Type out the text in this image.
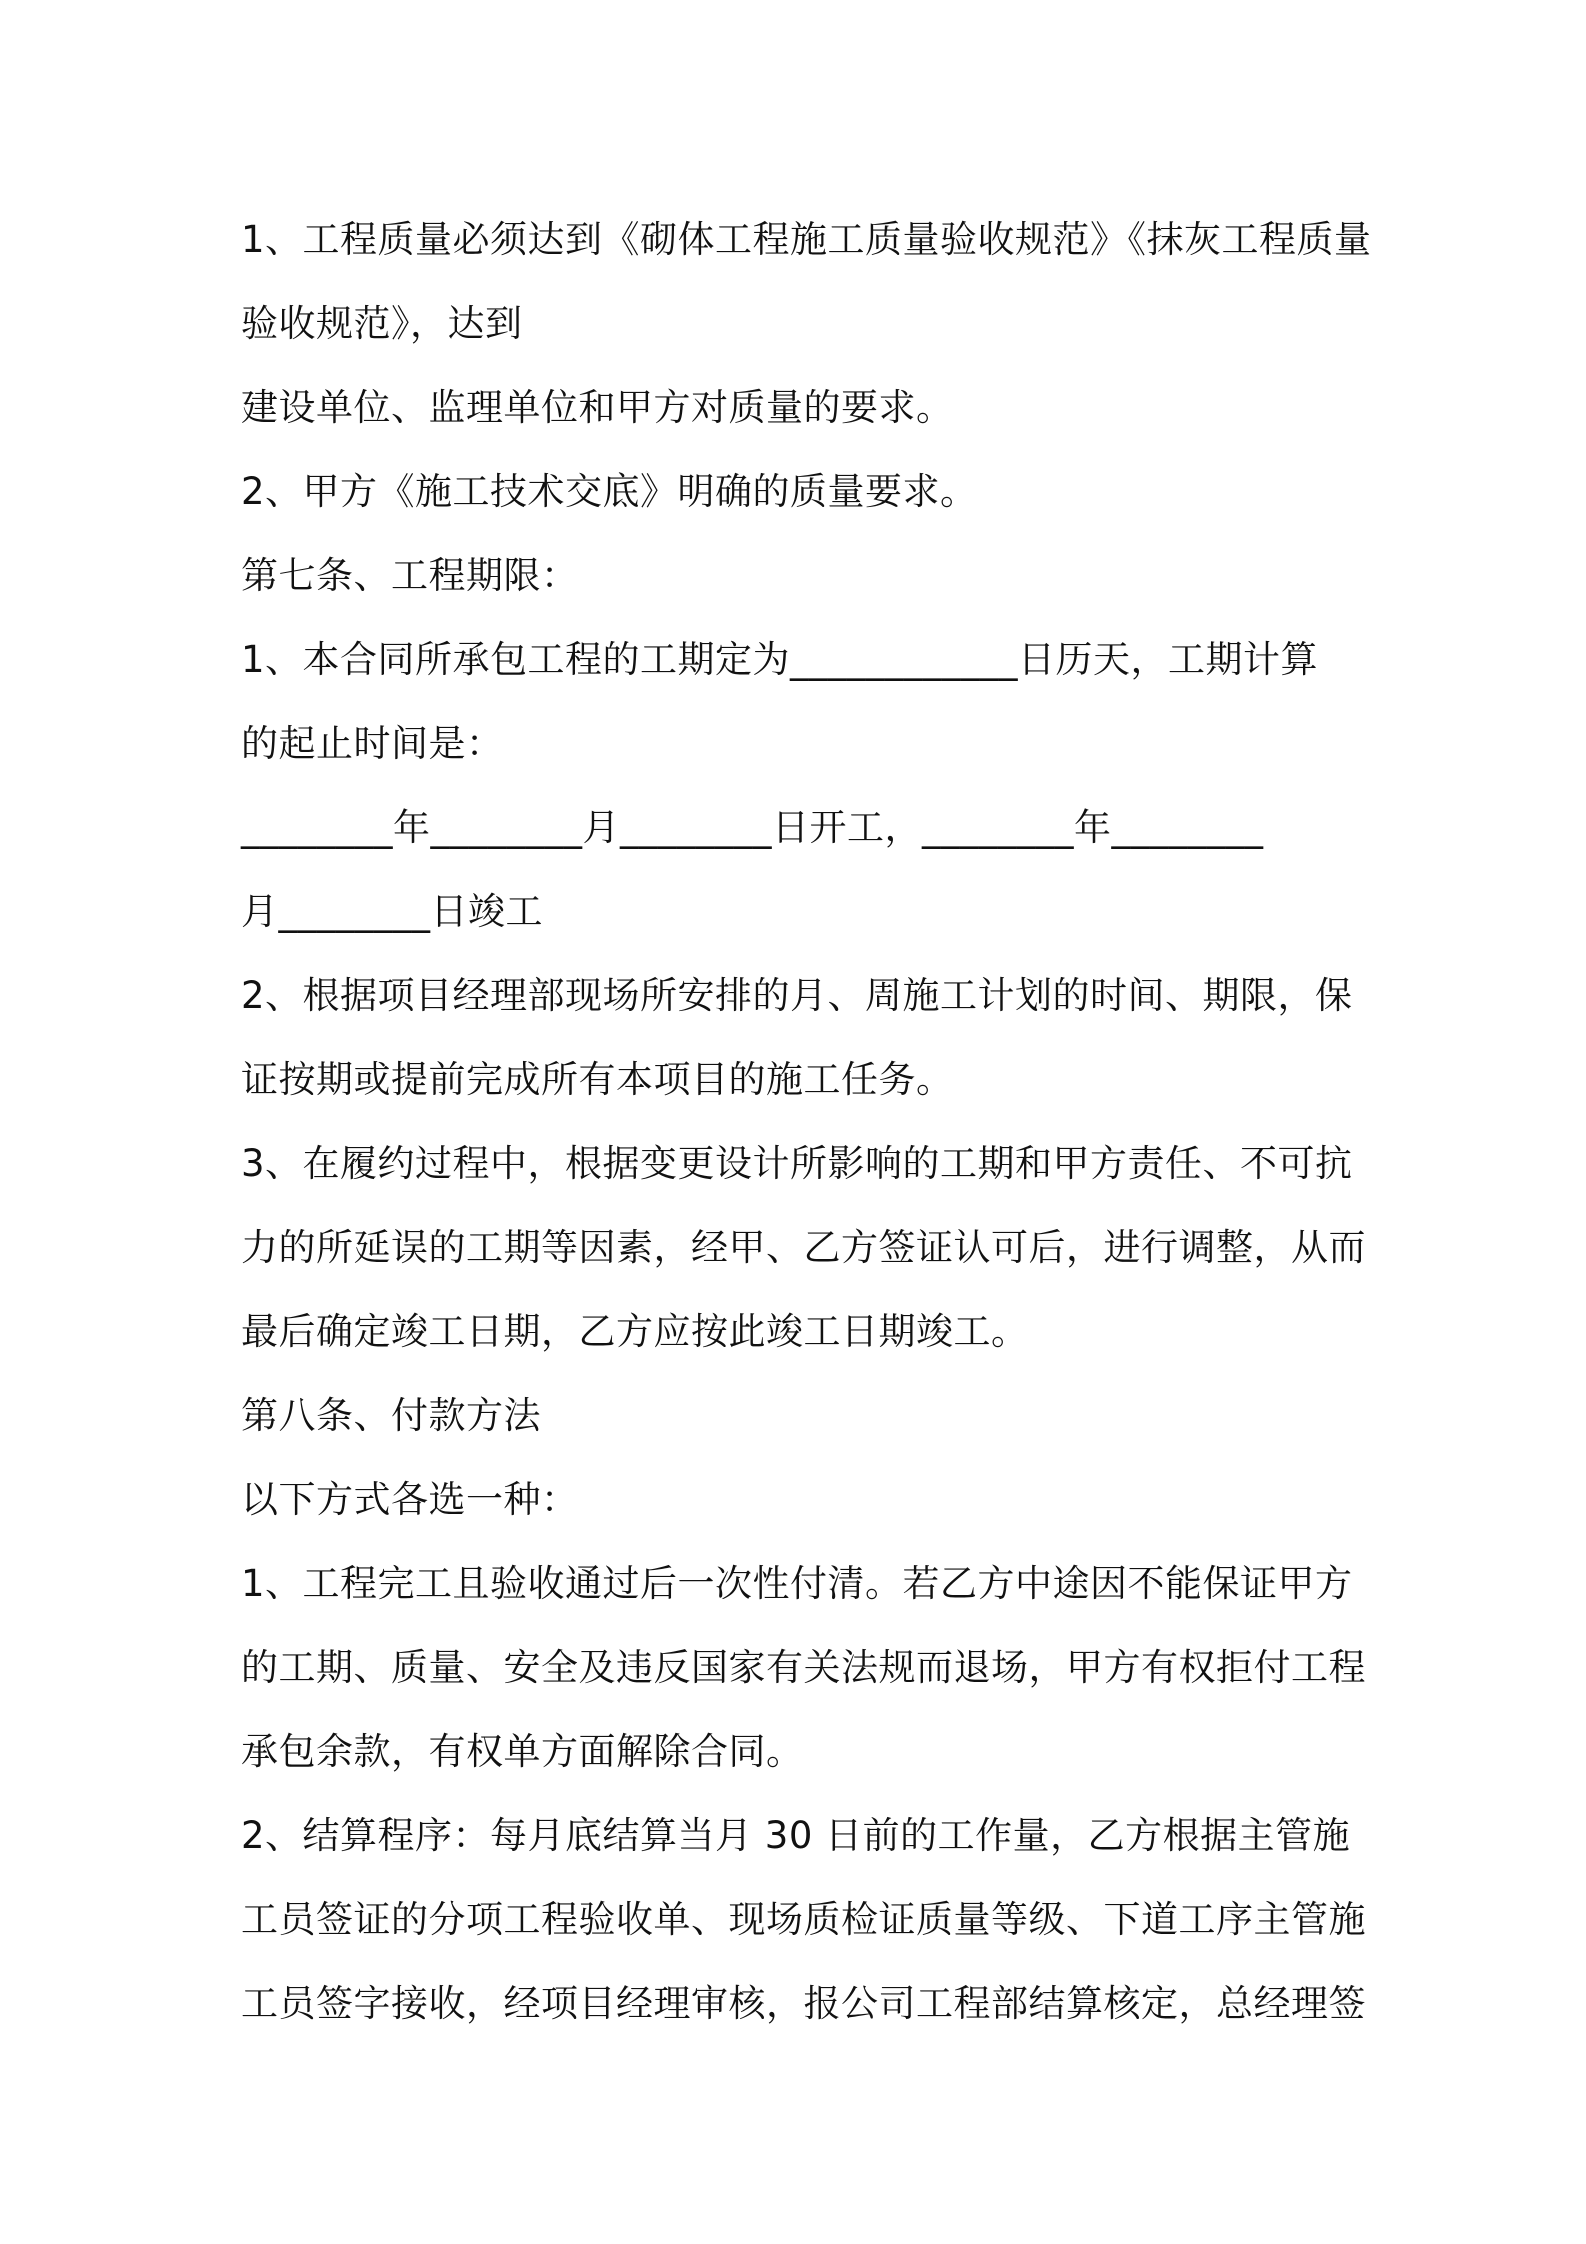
1、工程质量必须达到《砌体工程施工质量验收规范》《抹灰工程质量
验收规范》，达到
建设单位、监理单位和甲方对质量的要求。
2、甲方《施工技术交底》明确的质量要求。
第七条、工程期限：
1、本合同所承包工程的工期定为____________日历天，工期计算
的起止时间是：
________年________月________日开工，________年________
月________日竣工
2、根据项目经理部现场所安排的月、周施工计划的时间、期限，保
证按期或提前完成所有本项目的施工任务。
3、在履约过程中，根据变更设计所影响的工期和甲方责任、不可抗
力的所延误的工期等因素，经甲、乙方签证认可后，进行调整，从而
最后确定竣工日期，乙方应按此竣工日期竣工。
第八条、付款方法
以下方式各选一种：
1、工程完工且验收通过后一次性付清。若乙方中途因不能保证甲方
的工期、质量、安全及违反国家有关法规而退场，甲方有权拒付工程
承包余款，有权单方面解除合同。
2、结算程序：每月底结算当月 30 日前的工作量，乙方根据主管施
工员签证的分项工程验收单、现场质检证质量等级、下道工序主管施
工员签字接收，经项目经理审核，报公司工程部结算核定，总经理签
